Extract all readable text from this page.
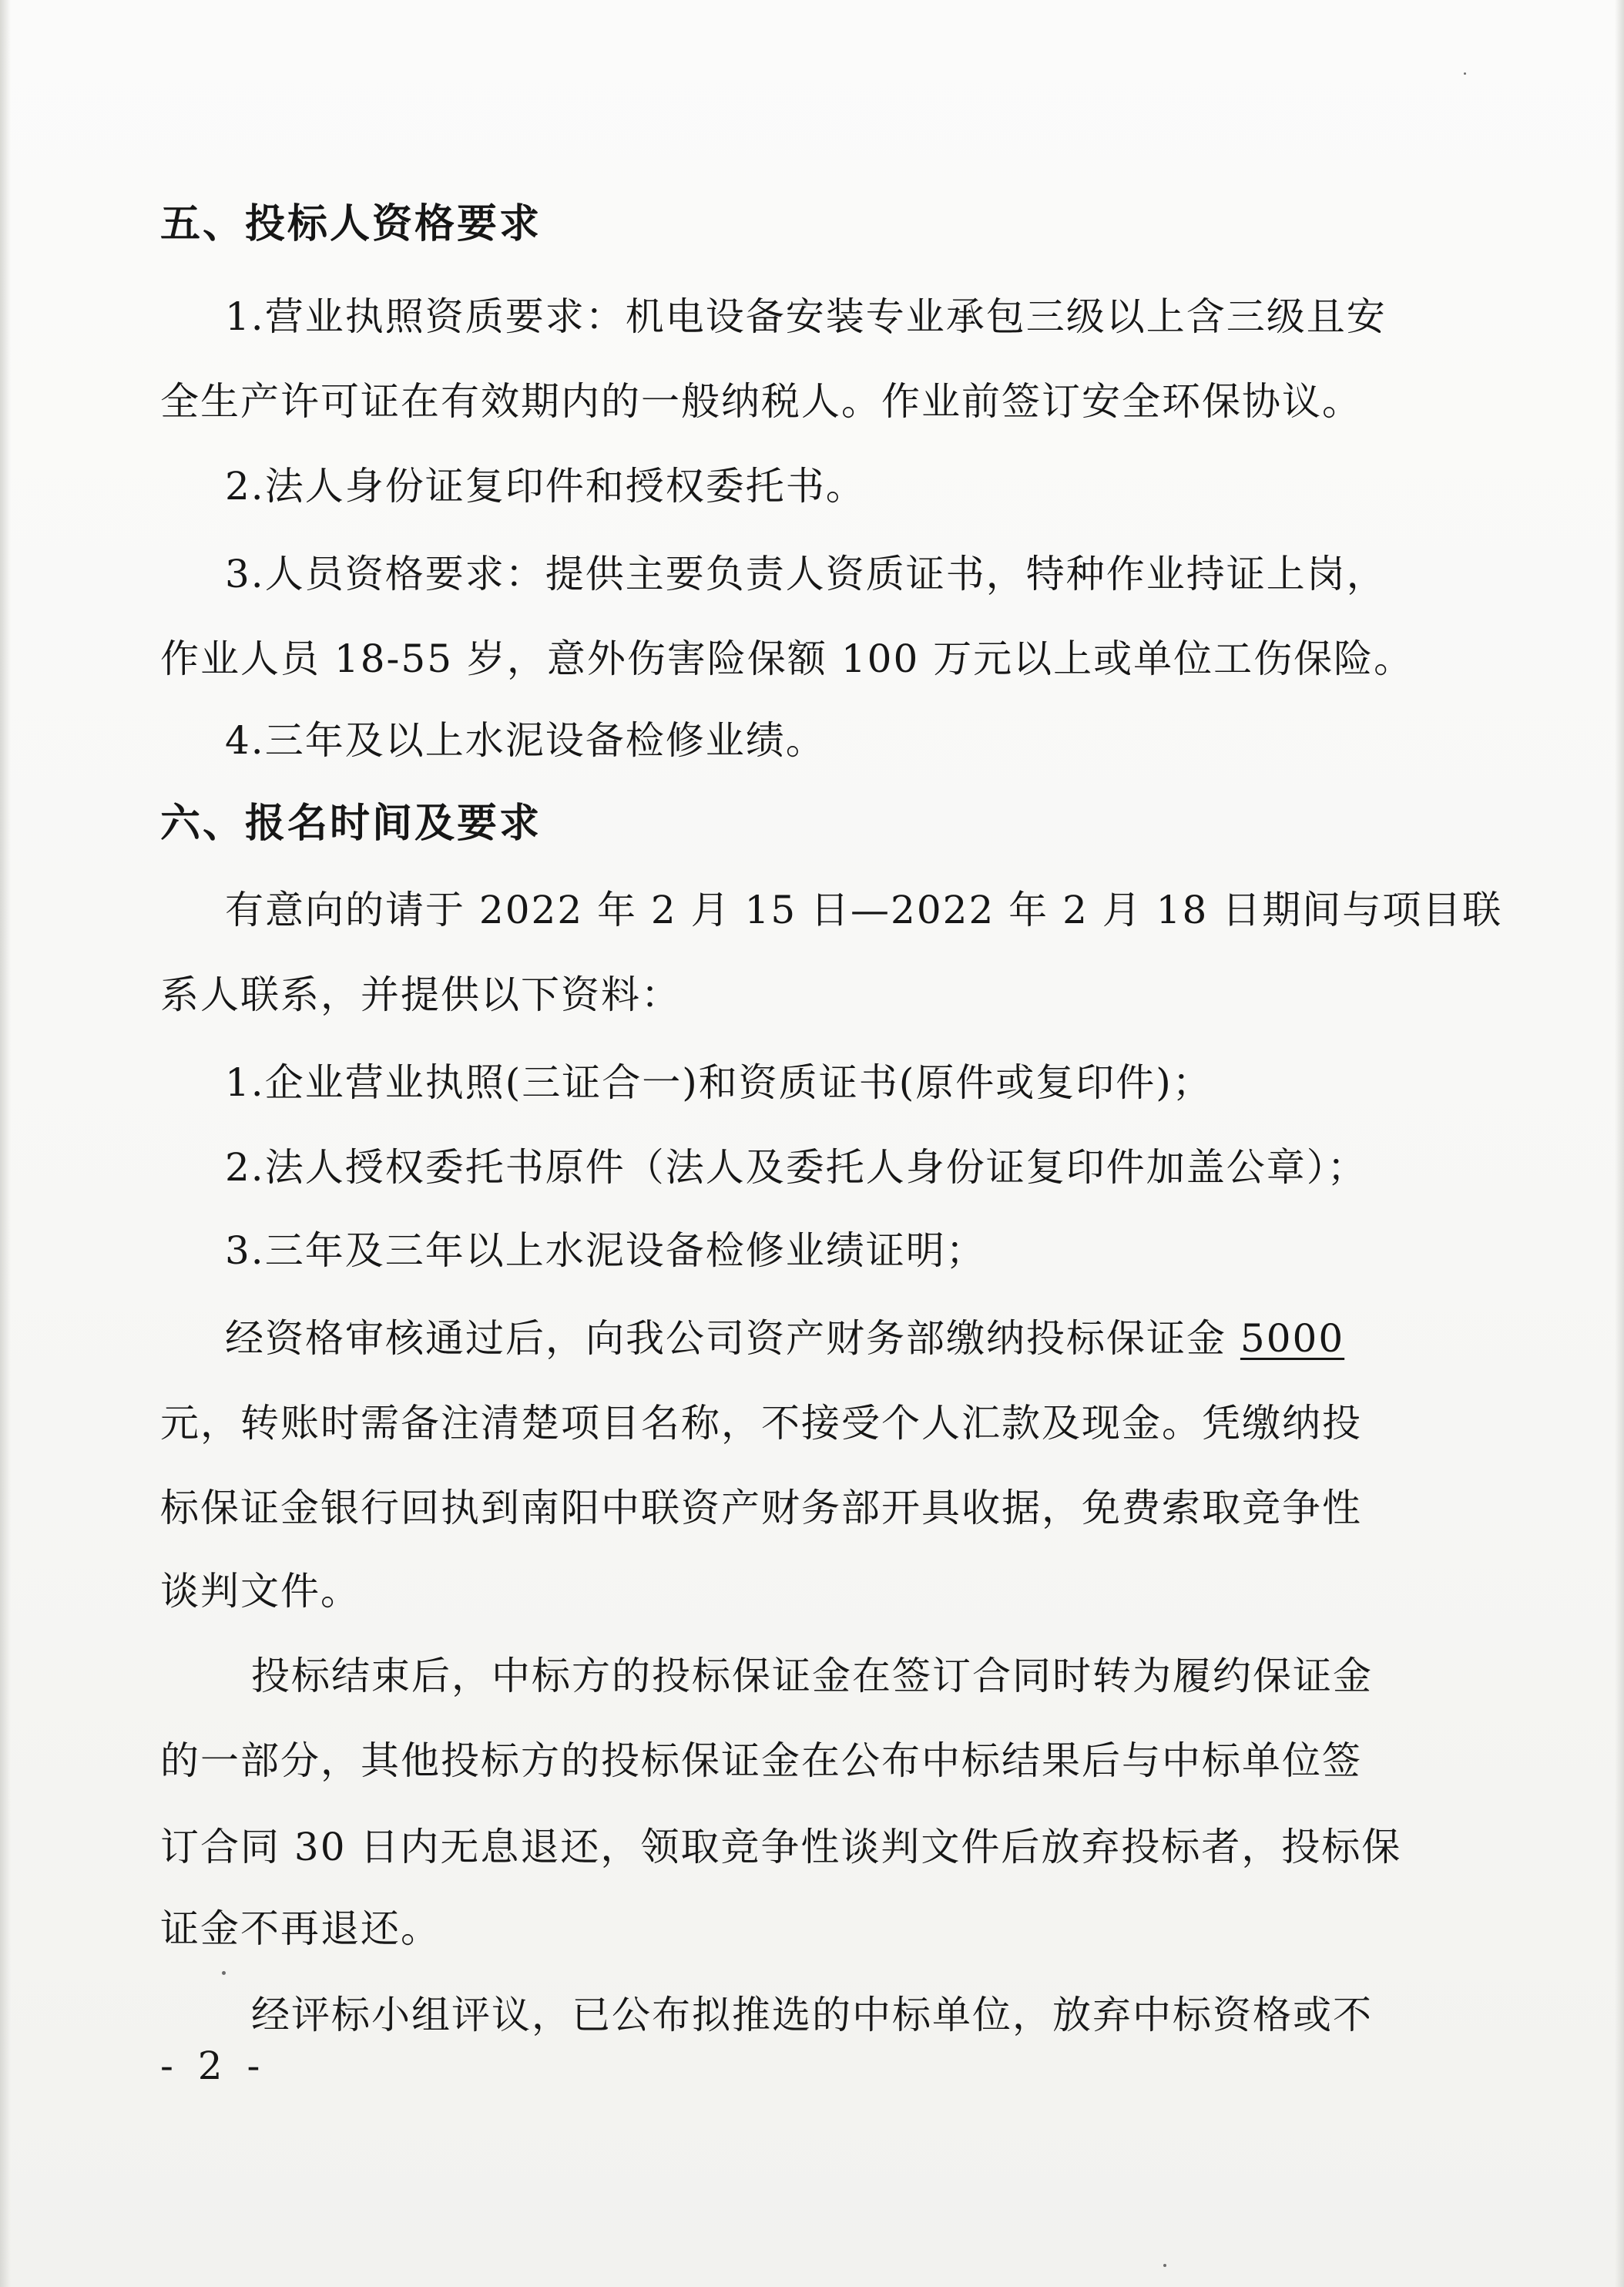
五、投标人资格要求
1.营业执照资质要求：机电设备安装专业承包三级以上含三级且安
全生产许可证在有效期内的一般纳税人。作业前签订安全环保协议。
2.法人身份证复印件和授权委托书。
3.人员资格要求：提供主要负责人资质证书，特种作业持证上岗，
作业人员 18-55 岁，意外伤害险保额 100 万元以上或单位工伤保险。
4.三年及以上水泥设备检修业绩。
六、报名时间及要求
有意向的请于 2022 年 2 月 15 日—2022 年 2 月 18 日期间与项目联
系人联系，并提供以下资料：
1.企业营业执照(三证合一)和资质证书(原件或复印件)；
2.法人授权委托书原件（法人及委托人身份证复印件加盖公章）；
3.三年及三年以上水泥设备检修业绩证明；
经资格审核通过后，向我公司资产财务部缴纳投标保证金 5000
元，转账时需备注清楚项目名称，不接受个人汇款及现金。凭缴纳投
标保证金银行回执到南阳中联资产财务部开具收据，免费索取竞争性
谈判文件。
投标结束后，中标方的投标保证金在签订合同时转为履约保证金
的一部分，其他投标方的投标保证金在公布中标结果后与中标单位签
订合同 30 日内无息退还，领取竞争性谈判文件后放弃投标者，投标保
证金不再退还。
经评标小组评议，已公布拟推选的中标单位，放弃中标资格或不
- 2 -
